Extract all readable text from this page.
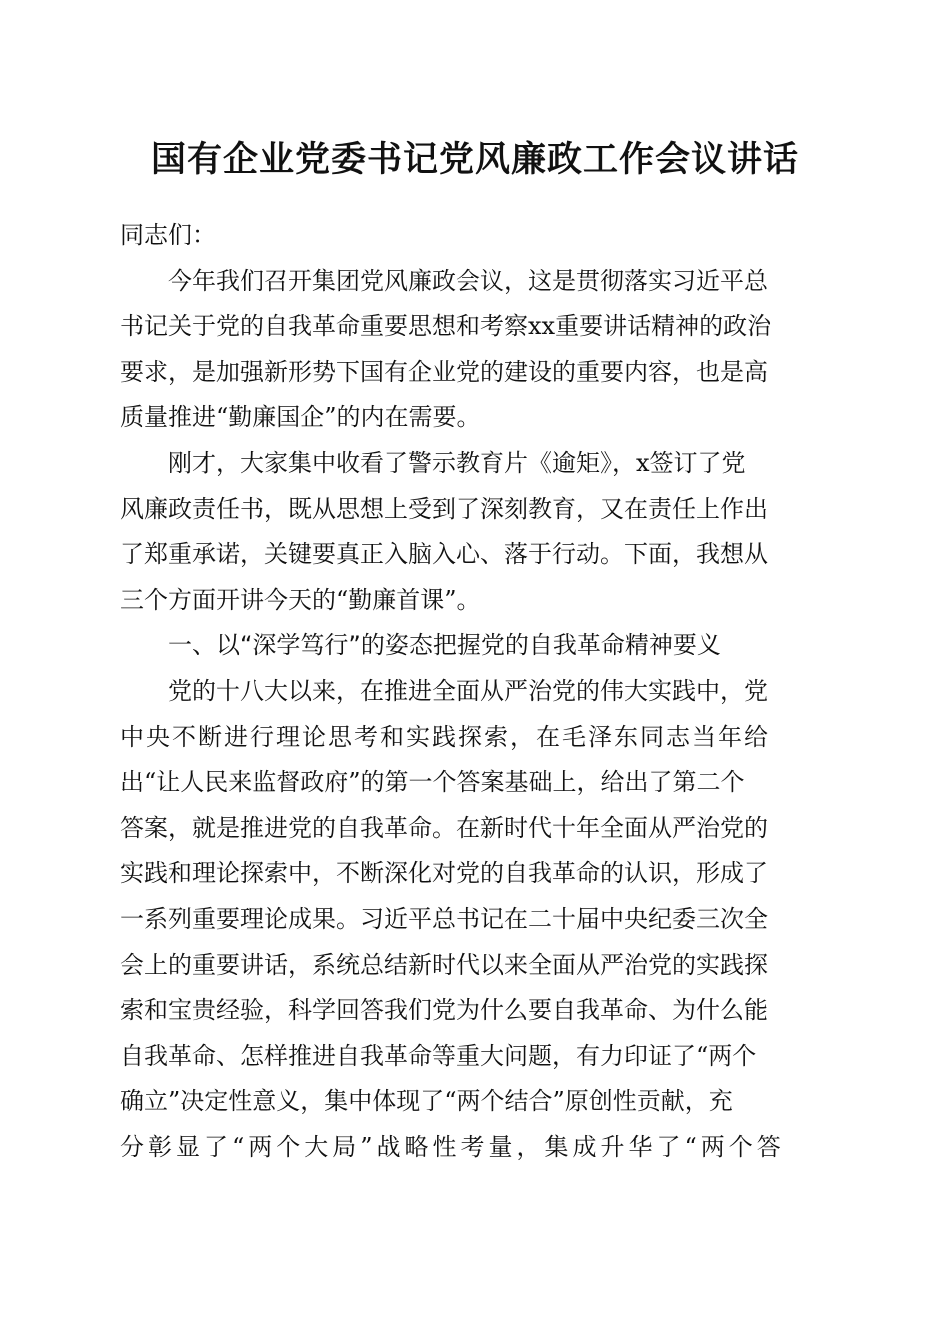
国有企业党委书记党风廉政工作会议讲话
同志们：
今年我们召开集团党风廉政会议，这是贯彻落实习近平总
书记关于党的自我革命重要思想和考察xx重要讲话精神的政治
要求，是加强新形势下国有企业党的建设的重要内容，也是高
质量推进“勤廉国企”的内在需要。
刚才，大家集中收看了警示教育片《逾矩》，x签订了党
风廉政责任书，既从思想上受到了深刻教育，又在责任上作出
了郑重承诺，关键要真正入脑入心、落于行动。下面，我想从
三个方面开讲今天的“勤廉首课”。
一、以“深学笃行”的姿态把握党的自我革命精神要义
党的十八大以来，在推进全面从严治党的伟大实践中，党
中央不断进行理论思考和实践探索，在毛泽东同志当年给
出“让人民来监督政府”的第一个答案基础上，给出了第二个
答案，就是推进党的自我革命。在新时代十年全面从严治党的
实践和理论探索中，不断深化对党的自我革命的认识，形成了
一系列重要理论成果。习近平总书记在二十届中央纪委三次全
会上的重要讲话，系统总结新时代以来全面从严治党的实践探
索和宝贵经验，科学回答我们党为什么要自我革命、为什么能
自我革命、怎样推进自我革命等重大问题，有力印证了“两个
确立”决定性意义，集中体现了“两个结合”原创性贡献，充
分彰显了“两个大局”战略性考量，集成升华了“两个答
